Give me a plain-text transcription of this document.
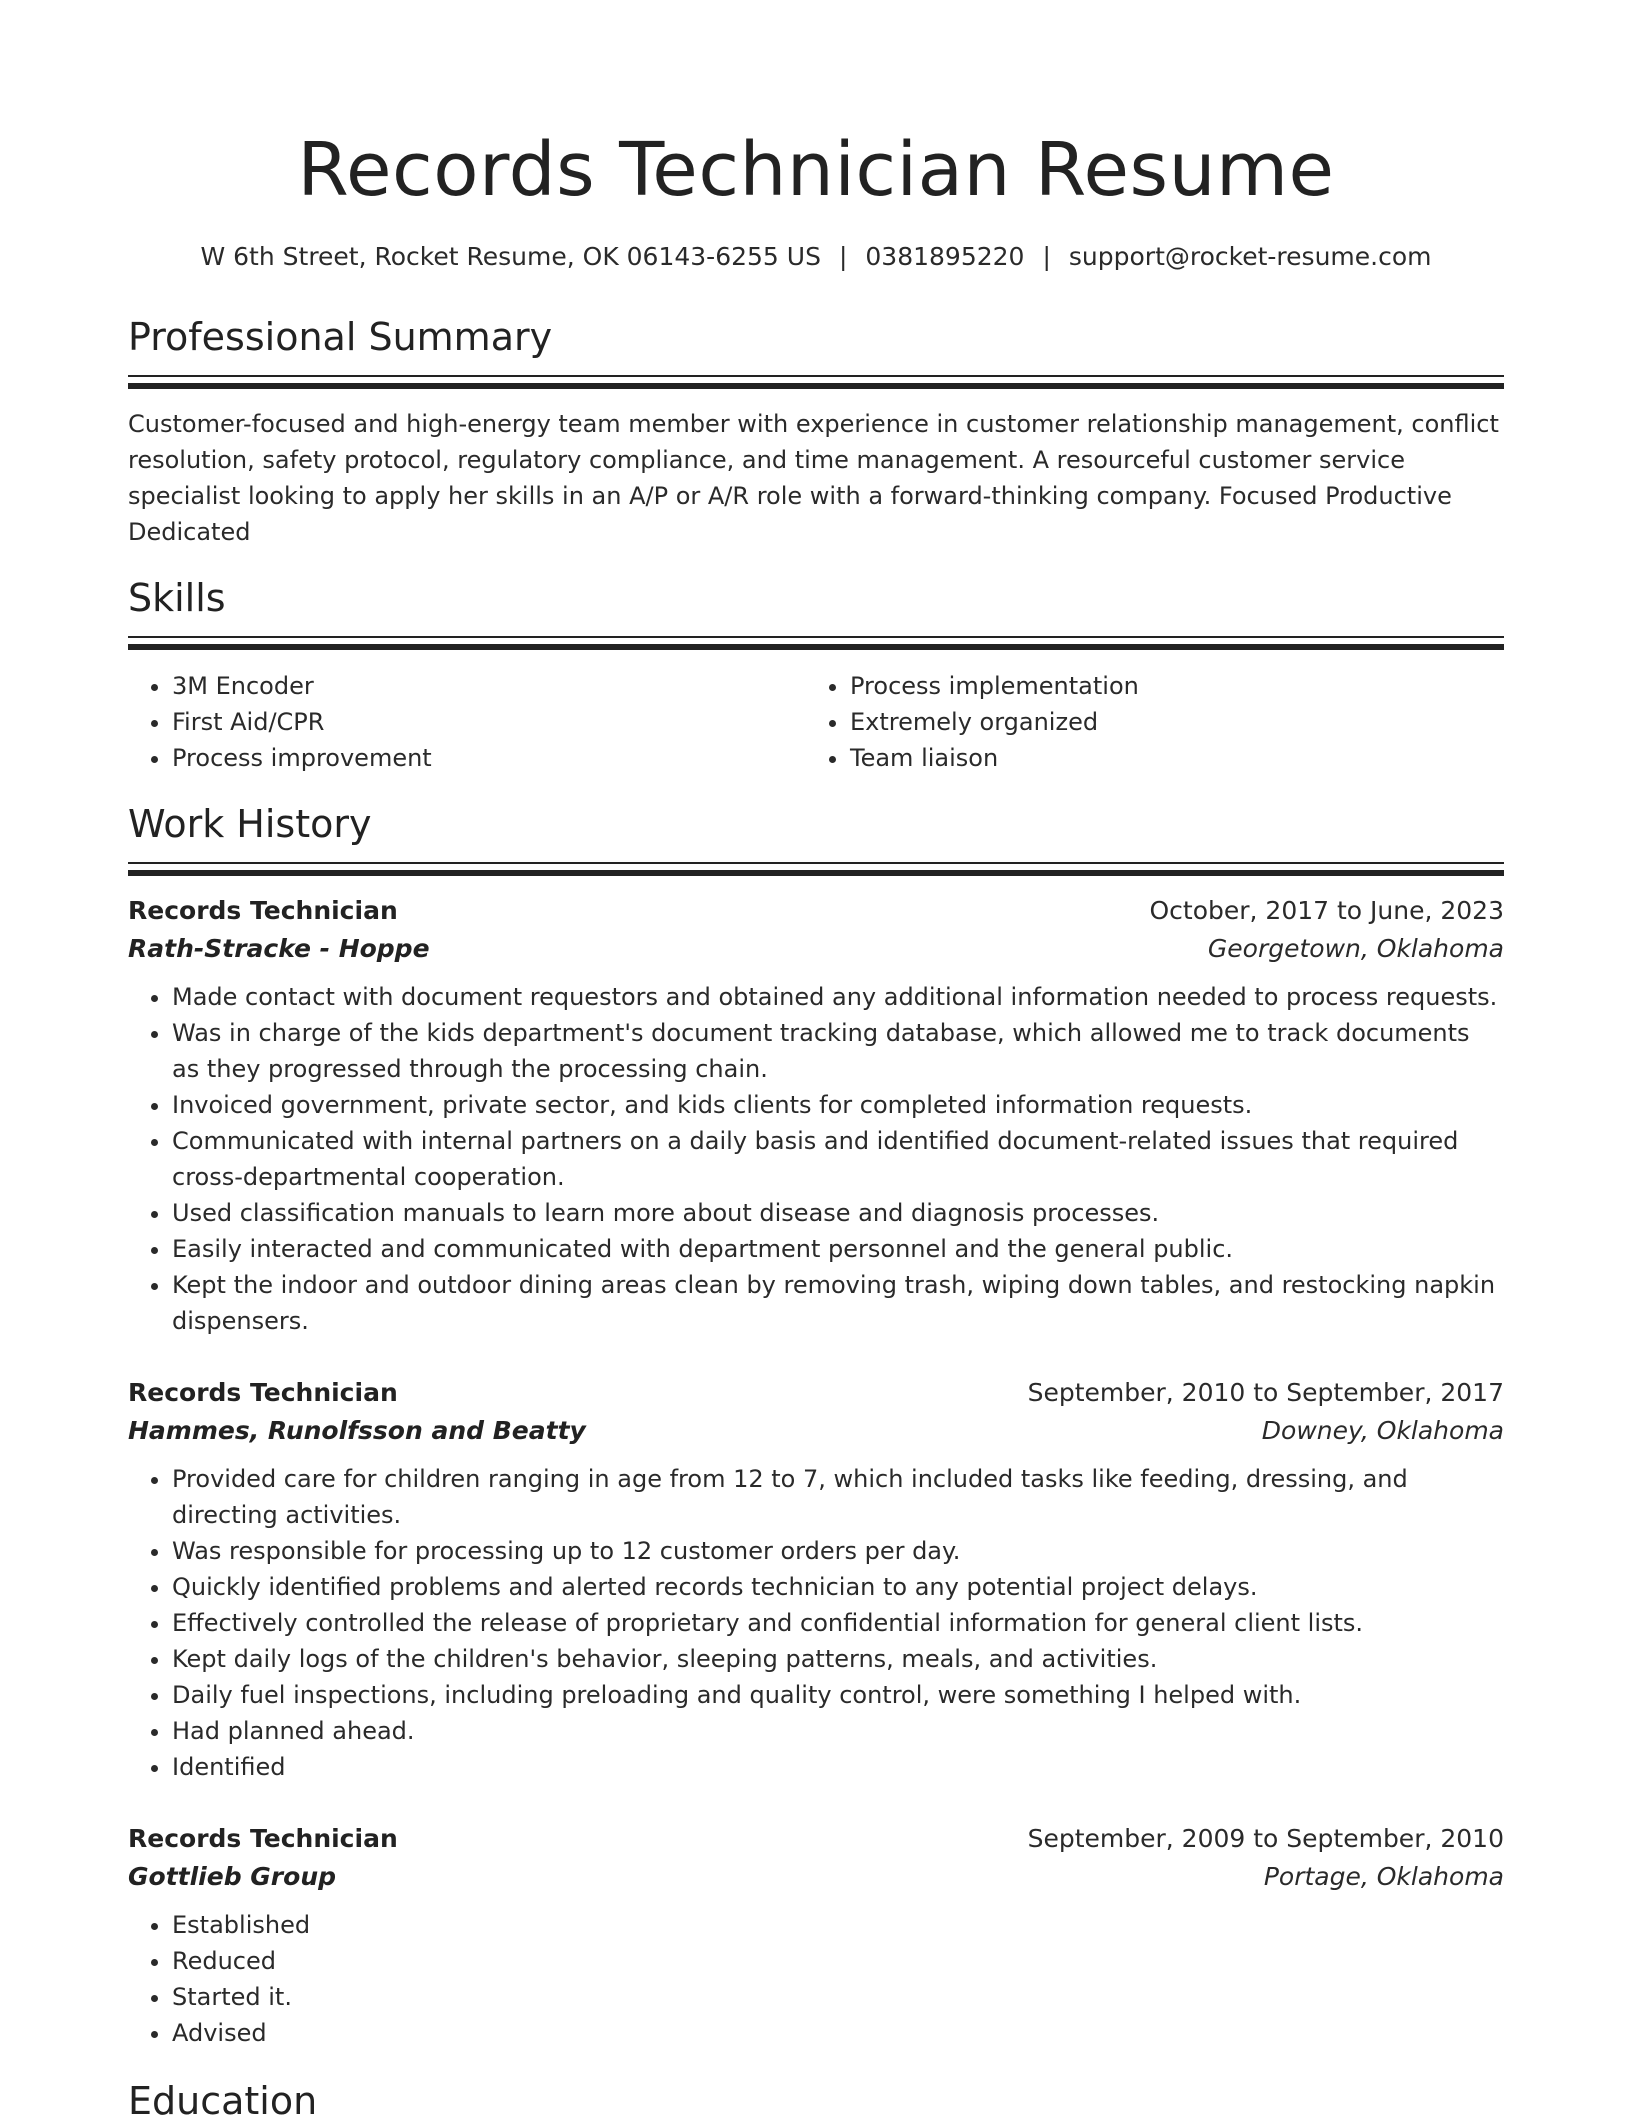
Records Technician Resume
W 6th Street, Rocket Resume, OK 06143-6255 US | 0381895220 | support@rocket-resume.com
Professional Summary
Customer-focused and high-energy team member with experience in customer relationship management, conflict resolution, safety protocol, regulatory compliance, and time management. A resourceful customer service specialist looking to apply her skills in an A/P or A/R role with a forward-thinking company. Focused Productive Dedicated
Skills
• 3M Encoder
• First Aid/CPR
• Process improvement
• Process implementation
• Extremely organized
• Team liaison
Work History
Records Technician	October, 2017 to June, 2023
Rath-Stracke - Hoppe	Georgetown, Oklahoma
• Made contact with document requestors and obtained any additional information needed to process requests.
• Was in charge of the kids department's document tracking database, which allowed me to track documents as they progressed through the processing chain.
• Invoiced government, private sector, and kids clients for completed information requests.
• Communicated with internal partners on a daily basis and identified document-related issues that required cross-departmental cooperation.
• Used classification manuals to learn more about disease and diagnosis processes.
• Easily interacted and communicated with department personnel and the general public.
• Kept the indoor and outdoor dining areas clean by removing trash, wiping down tables, and restocking napkin dispensers.
Records Technician	September, 2010 to September, 2017
Hammes, Runolfsson and Beatty	Downey, Oklahoma
• Provided care for children ranging in age from 12 to 7, which included tasks like feeding, dressing, and directing activities.
• Was responsible for processing up to 12 customer orders per day.
• Quickly identified problems and alerted records technician to any potential project delays.
• Effectively controlled the release of proprietary and confidential information for general client lists.
• Kept daily logs of the children's behavior, sleeping patterns, meals, and activities.
• Daily fuel inspections, including preloading and quality control, were something I helped with.
• Had planned ahead.
• Identified
Records Technician	September, 2009 to September, 2010
Gottlieb Group	Portage, Oklahoma
• Established
• Reduced
• Started it.
• Advised
Education
